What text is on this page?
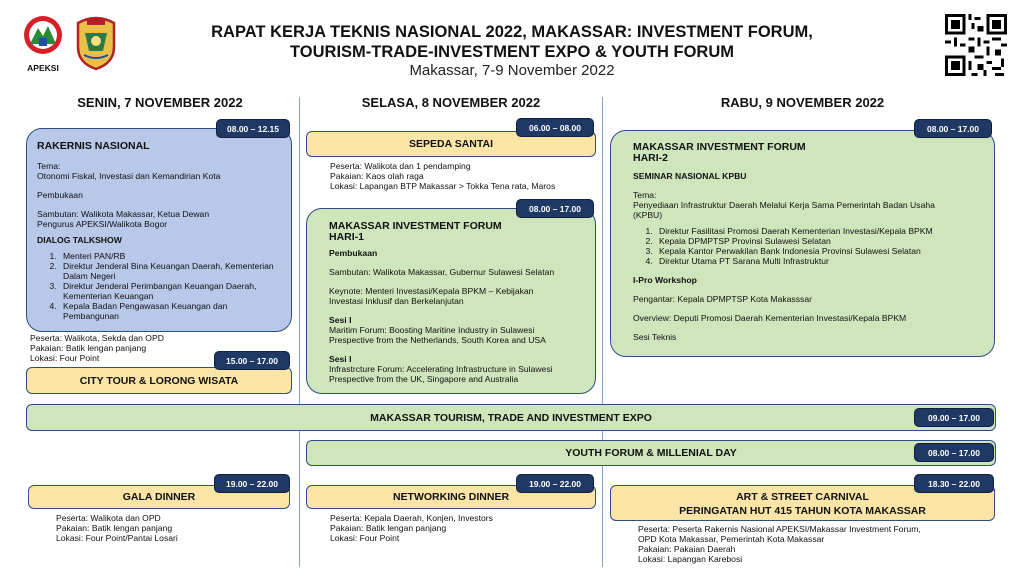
APEKSI
RAPAT KERJA TEKNIS NASIONAL 2022, MAKASSAR: INVESTMENT FORUM,
TOURISM-TRADE-INVESTMENT EXPO & YOUTH FORUM
Makassar, 7-9 November 2022
SENIN, 7 NOVEMBER 2022	SELASA, 8 NOVEMBER 2022	RABU, 9 NOVEMBER 2022
RAKERNIS NASIONAL
Tema:
Otonomi Fiskal, Investasi dan Kemandirian Kota
Pembukaan
Sambutan: Walikota Makassar, Ketua Dewan
Pengurus APEKSI/Walikota Bogor
DIALOG TALKSHOW
1. Menteri PAN/RB
2. Direktur Jenderal Bina Keuangan Daerah, Kementerian Dalam Negeri
3. Direktur Jenderal Perimbangan Keuangan Daerah, Kementerian Keuangan
4. Kepala Badan Pengawasan Keuangan dan Pembangunan
08.00 – 12.15
Peserta: Walikota, Sekda dan OPD
Pakaian: Batik lengan panjang
Lokasi: Four Point
CITY TOUR & LORONG WISATA
15.00 – 17.00
SEPEDA SANTAI
06.00 – 08.00
Peserta: Walikota dan 1 pendamping
Pakaian: Kaos olah raga
Lokasi: Lapangan BTP Makassar > Tokka Tena rata, Maros
MAKASSAR INVESTMENT FORUM
HARI-1
Pembukaan
Sambutan: Walikota Makassar, Gubernur Sulawesi Selatan
Keynote: Menteri Investasi/Kepala BPKM – Kebijakan
Investasi Inklusif dan Berkelanjutan
Sesi I
Maritim Forum: Boosting Maritine Industry in Sulawesi
Prespective from the Netherlands, South Korea and USA
Sesi I
Infrastrcture Forum: Accelerating Infrastructure in Sulawesi
Prespective from the UK, Singapore and Australia
08.00 – 17.00
MAKASSAR INVESTMENT FORUM
HARI-2
SEMINAR NASIONAL KPBU
Tema:
Penyediaan Infrastruktur Daerah Melalui Kerja Sama Pemerintah Badan Usaha
(KPBU)
1. Direktur Fasilitasi Promosi Daerah Kementerian Investasi/Kepala BPKM
2. Kepala DPMPTSP Provinsi Sulawesi Selatan
3. Kepala Kantor Perwakilan Bank Indonesia Provinsi Sulawesi Selatan
4. Direktur Utama PT Sarana Multi Infrastruktur
I-Pro Workshop
Pengantar: Kepala DPMPTSP Kota Makasssar
Overview: Deputi Promosi Daerah Kementerian Investasi/Kepala BPKM
Sesi Teknis
08.00 – 17.00
MAKASSAR TOURISM, TRADE AND INVESTMENT EXPO	09.00 – 17.00
YOUTH FORUM & MILLENIAL DAY	08.00 – 17.00
GALA DINNER
19.00 – 22.00
Peserta: Walikota dan OPD
Pakaian: Batik lengan panjang
Lokasi: Four Point/Pantai Losari
NETWORKING DINNER
19.00 – 22.00
Peserta: Kepala Daerah, Konjen, Investors
Pakaian: Batik lengan panjang
Lokasi: Four Point
ART & STREET CARNIVAL
PERINGATAN HUT 415 TAHUN KOTA MAKASSAR
18.30 – 22.00
Peserta: Peserta Rakernis Nasional APEKSI/Makassar Investment Forum,
OPD Kota Makassar, Pemerintah Kota Makassar
Pakaian: Pakaian Daerah
Lokasi: Lapangan Karebosi
